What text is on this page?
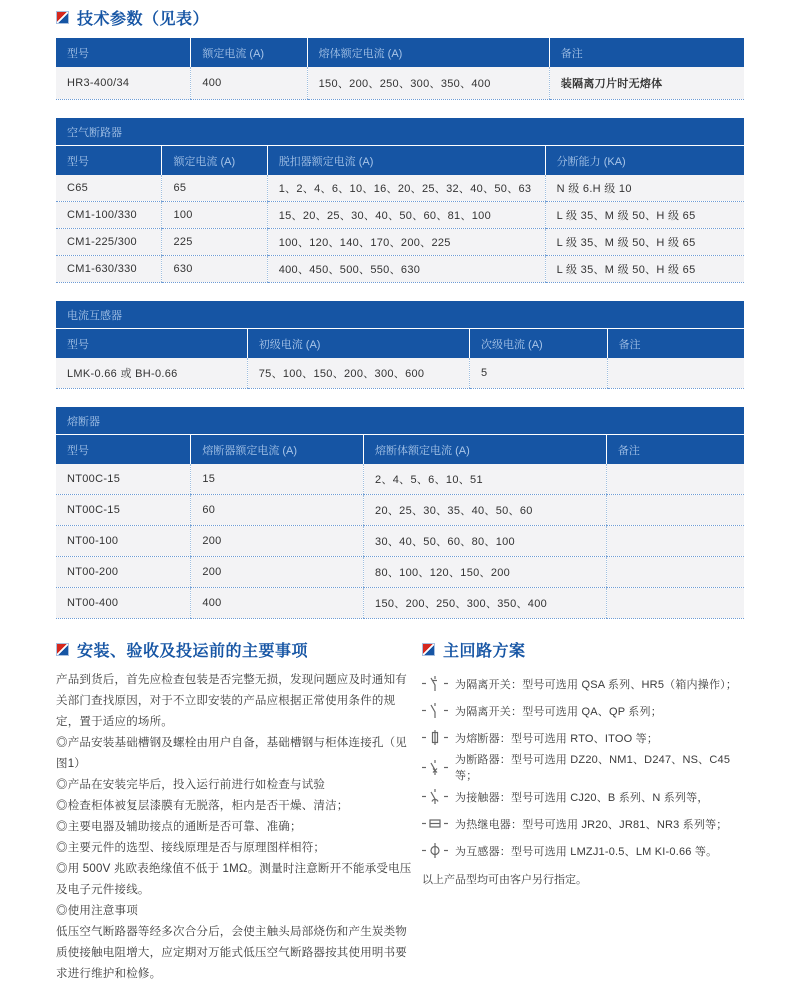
技术参数（见表）
型号	额定电流 (A)	熔体额定电流 (A)	备注
HR3-400/34	400	150、200、250、300、350、400	装隔离刀片时无熔体
空气断路器
型号	额定电流 (A)	脱扣器额定电流 (A)	分断能力 (KA)
C65	65	1、2、4、6、10、16、20、25、32、40、50、63	N 级 6.H 级 10
CM1-100/330	100	15、20、25、30、40、50、60、81、100	L 级 35、M 级 50、H 级 65
CM1-225/300	225	100、120、140、170、200、225	L 级 35、M 级 50、H 级 65
CM1-630/330	630	400、450、500、550、630	L 级 35、M 级 50、H 级 65
电流互感器
型号	初级电流 (A)	次级电流 (A)	备注
LMK-0.66 或 BH-0.66	75、100、150、200、300、600	5	
熔断器
型号	熔断器额定电流 (A)	熔断体额定电流 (A)	备注
NT00C-15	15	2、4、5、6、10、51	
NT00C-15	60	20、25、30、35、40、50、60	
NT00-100	200	30、40、50、60、80、100	
NT00-200	200	80、100、120、150、200	
NT00-400	400	150、200、250、300、350、400	
安装、验收及投运前的主要事项

产品到货后，首先应检查包装是否完整无损，发现问题应及时通知有关部门查找原因，对于不立即安装的产品应根据正常使用条件的规定，置于适应的场所。

◎产品安装基础槽钢及螺栓由用户自备，基础槽钢与柜体连接孔（见图1）

◎产品在安装完毕后，投入运行前进行如检查与试验

◎检查柜体被复层漆膜有无脱落，柜内是否干燥、清洁；

◎主要电器及辅助接点的通断是否可靠、准确；

◎主要元件的选型、接线原理是否与原理图样相符；

◎用 500V 兆欧表绝缘值不低于 1MΩ。测量时注意断开不能承受电压及电子元件接线。

◎使用注意事项

低压空气断路器等经多次合分后，会使主触头局部烧伤和产生炭类物质使接触电阻增大，应定期对万能式低压空气断路器按其使用明书要求进行维护和检修。

主回路方案
为隔离开关：型号可选用 QSA 系列、HR5（箱内操作）；
为隔离开关：型号可选用 QA、QP 系列；
为熔断器：型号可选用 RTO、ITOO 等；
为断路器：型号可选用 DZ20、NM1、D247、NS、C45 等；
为接触器：型号可选用 CJ20、B 系列、N 系列等，
为热继电器：型号可选用 JR20、JR81、NR3 系列等；
为互感器：型号可选用 LMZJ1-0.5、LM KI-0.66 等。

以上产品型均可由客户另行指定。
